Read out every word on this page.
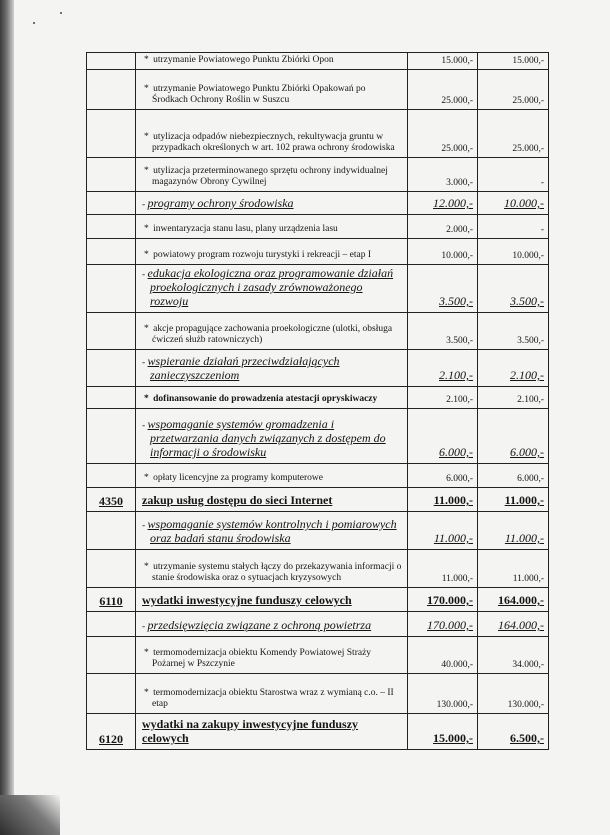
	* utrzymanie Powiatowego Punktu Zbiórki Opon	15.000,-	15.000,-

	* utrzymanie Powiatowego Punktu Zbiórki Opakowań po Środkach Ochrony Roślin w Suszcu	25.000,-	25.000,-

	* utylizacja odpadów niebezpiecznych, rekultywacja gruntu w przypadkach określonych w art. 102 prawa ochrony środowiska	25.000,-	25.000,-

	* utylizacja przeterminowanego sprzętu ochrony indywidualnej magazynów Obrony Cywilnej	3.000,-	-

	- programy ochrony środowiska	12.000,-	10.000,-

	* inwentaryzacja stanu lasu, plany urządzenia lasu	2.000,-	-

	* powiatowy program rozwoju turystyki i rekreacji – etap I	10.000,-	10.000,-

	- edukacja ekologiczna oraz programowanie działań proekologicznych i zasady zrównoważonego rozwoju	3.500,-	3.500,-

	* akcje propagujące zachowania proekologiczne (ulotki, obsługa ćwiczeń służb ratowniczych)	3.500,-	3.500,-

	- wspieranie działań przeciwdziałających zanieczyszczeniom	2.100,-	2.100,-

	* dofinansowanie do prowadzenia atestacji opryskiwaczy	2.100,-	2.100,-

	- wspomaganie systemów gromadzenia i przetwarzania danych związanych z dostępem do informacji o środowisku	6.000,-	6.000,-

	* opłaty licencyjne za programy komputerowe	6.000,-	6.000,-
4350	zakup usług dostępu do sieci Internet	11.000,-	11.000,-

	- wspomaganie systemów kontrolnych i pomiarowych oraz badań stanu środowiska	11.000,-	11.000,-

	* utrzymanie systemu stałych łączy do przekazywania informacji o stanie środowiska oraz o sytuacjach kryzysowych	11.000,-	11.000,-
6110	wydatki inwestycyjne funduszy celowych	170.000,-	164.000,-

	- przedsięwzięcia związane z ochroną powietrza	170.000,-	164.000,-

	* termomodernizacja obiektu Komendy Powiatowej Straży Pożarnej w Pszczynie	40.000,-	34.000,-

	* termomodernizacja obiektu Starostwa wraz z wymianą c.o. – II etap	130.000,-	130.000,-
6120	wydatki na zakupy inwestycyjne funduszy celowych	15.000,-	6.500,-
